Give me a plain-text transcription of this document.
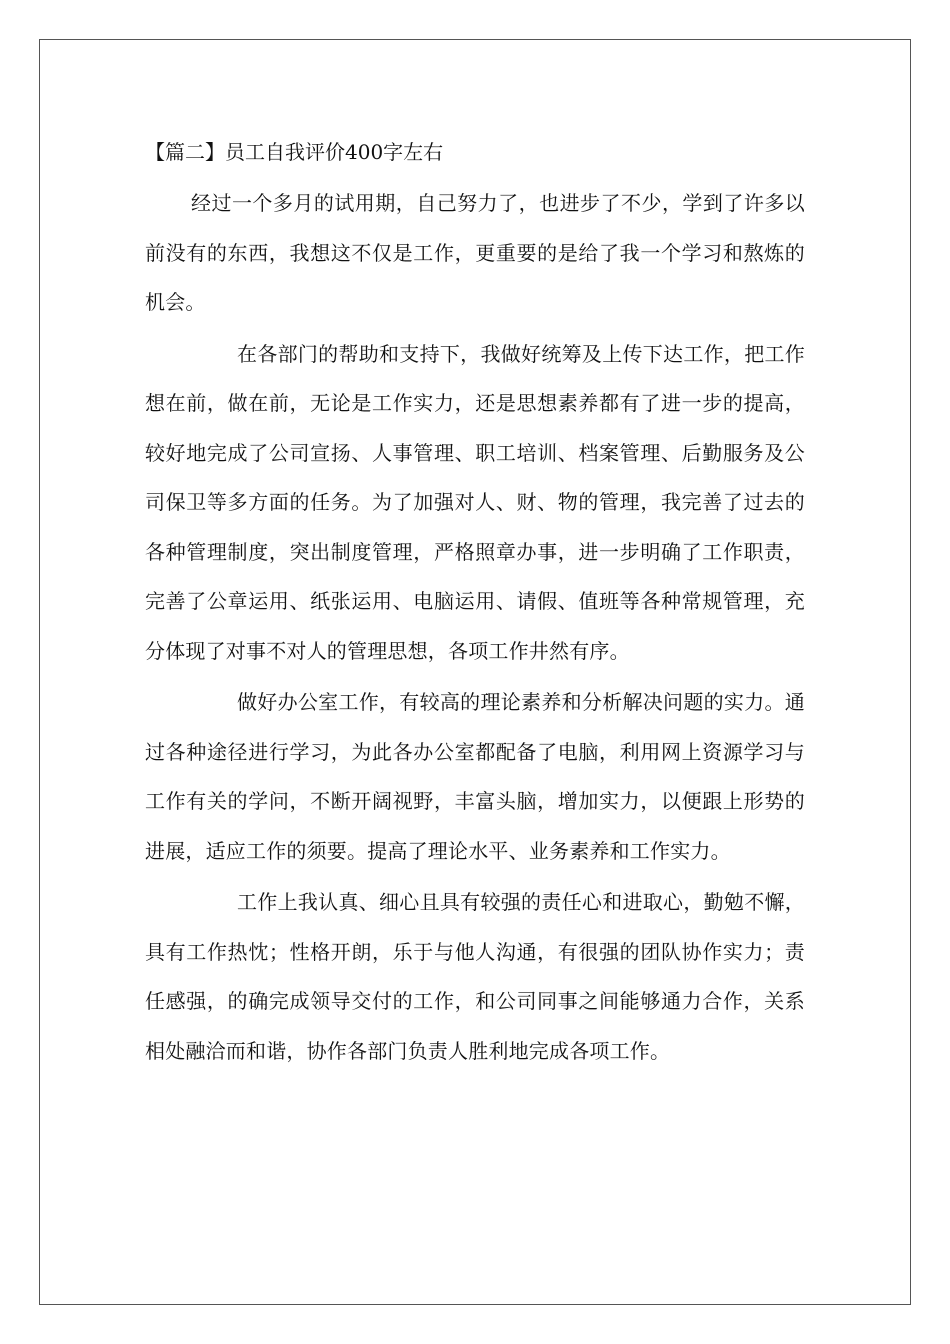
【篇二】员工自我评价400字左右

经过一个多月的试用期，自己努力了，也进步了不少，学到了许多以前没有的东西，我想这不仅是工作，更重要的是给了我一个学习和熬炼的机会。

在各部门的帮助和支持下，我做好统筹及上传下达工作，把工作想在前，做在前，无论是工作实力，还是思想素养都有了进一步的提高，较好地完成了公司宣扬、人事管理、职工培训、档案管理、后勤服务及公司保卫等多方面的任务。为了加强对人、财、物的管理，我完善了过去的各种管理制度，突出制度管理，严格照章办事，进一步明确了工作职责，完善了公章运用、纸张运用、电脑运用、请假、值班等各种常规管理，充分体现了对事不对人的管理思想，各项工作井然有序。

做好办公室工作，有较高的理论素养和分析解决问题的实力。通过各种途径进行学习，为此各办公室都配备了电脑，利用网上资源学习与工作有关的学问，不断开阔视野，丰富头脑，增加实力，以便跟上形势的进展，适应工作的须要。提高了理论水平、业务素养和工作实力。

工作上我认真、细心且具有较强的责任心和进取心，勤勉不懈，具有工作热忱；性格开朗，乐于与他人沟通，有很强的团队协作实力；责任感强，的确完成领导交付的工作，和公司同事之间能够通力合作，关系相处融洽而和谐，协作各部门负责人胜利地完成各项工作。
